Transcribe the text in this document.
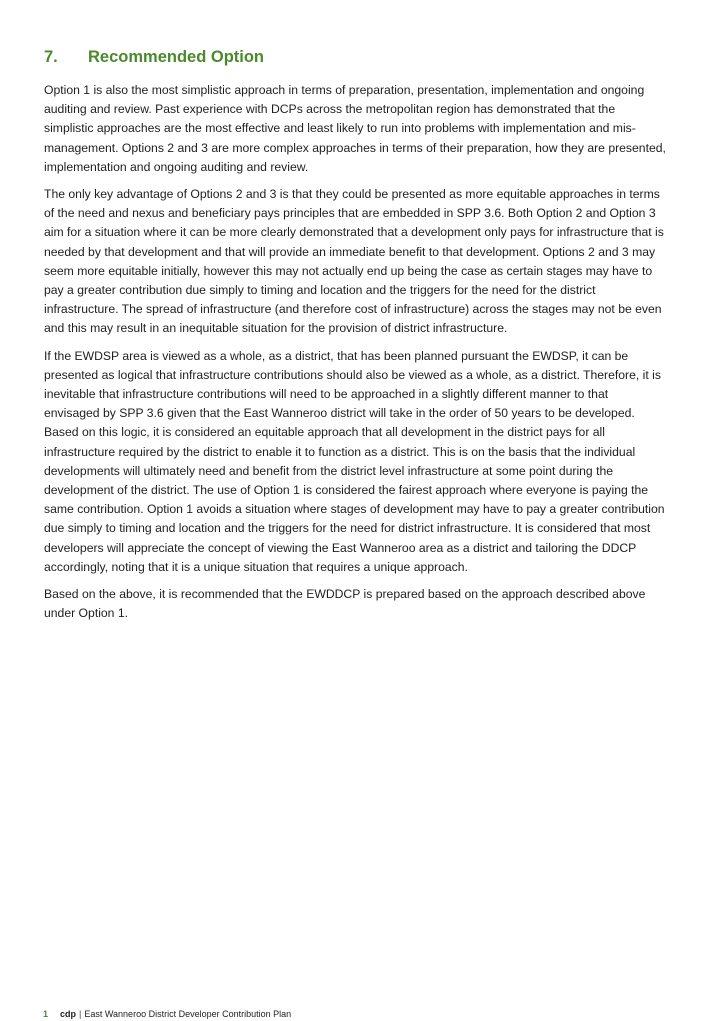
7.	Recommended Option

Option 1 is also the most simplistic approach in terms of preparation, presentation, implementation and ongoing auditing and review. Past experience with DCPs across the metropolitan region has demonstrated that the simplistic approaches are the most effective and least likely to run into problems with implementation and mis-management. Options 2 and 3 are more complex approaches in terms of their preparation, how they are presented, implementation and ongoing auditing and review.

The only key advantage of Options 2 and 3 is that they could be presented as more equitable approaches in terms of the need and nexus and beneficiary pays principles that are embedded in SPP 3.6. Both Option 2 and Option 3 aim for a situation where it can be more clearly demonstrated that a development only pays for infrastructure that is needed by that development and that will provide an immediate benefit to that development. Options 2 and 3 may seem more equitable initially, however this may not actually end up being the case as certain stages may have to pay a greater contribution due simply to timing and location and the triggers for the need for the district infrastructure. The spread of infrastructure (and therefore cost of infrastructure) across the stages may not be even and this may result in an inequitable situation for the provision of district infrastructure.

If the EWDSP area is viewed as a whole, as a district, that has been planned pursuant the EWDSP, it can be presented as logical that infrastructure contributions should also be viewed as a whole, as a district. Therefore, it is inevitable that infrastructure contributions will need to be approached in a slightly different manner to that envisaged by SPP 3.6 given that the East Wanneroo district will take in the order of 50 years to be developed. Based on this logic, it is considered an equitable approach that all development in the district pays for all infrastructure required by the district to enable it to function as a district. This is on the basis that the individual developments will ultimately need and benefit from the district level infrastructure at some point during the development of the district. The use of Option 1 is considered the fairest approach where everyone is paying the same contribution. Option 1 avoids a situation where stages of development may have to pay a greater contribution due simply to timing and location and the triggers for the need for district infrastructure. It is considered that most developers will appreciate the concept of viewing the East Wanneroo area as a district and tailoring the DDCP accordingly, noting that it is a unique situation that requires a unique approach.

Based on the above, it is recommended that the EWDDCP is prepared based on the approach described above under Option 1.

1 cdp | East Wanneroo District Developer Contribution Plan
